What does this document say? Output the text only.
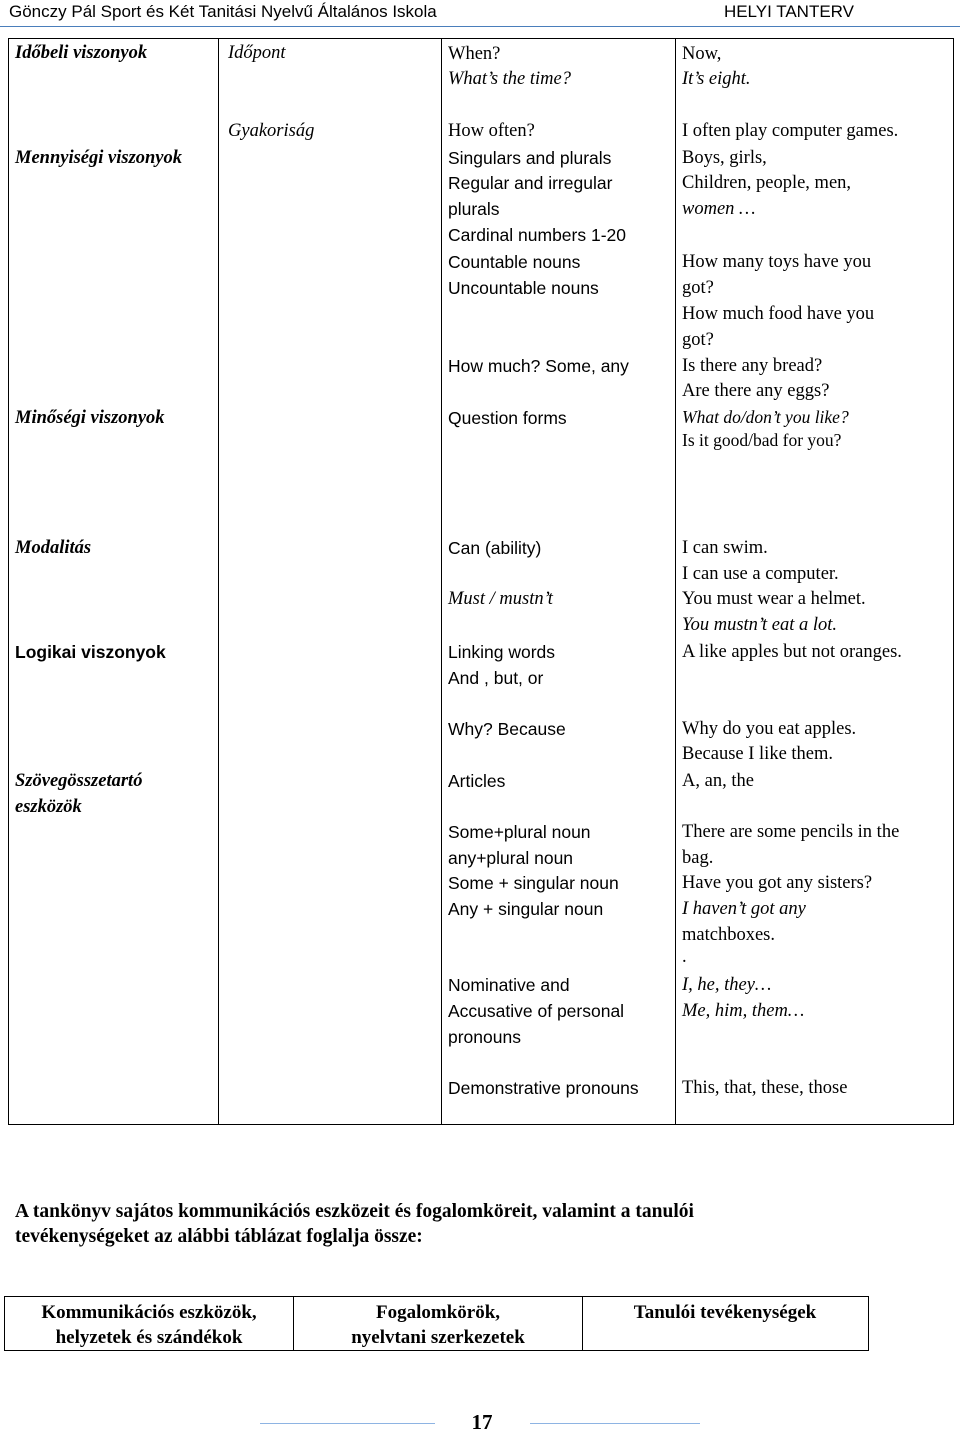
Gönczy Pál Sport és Két Tanitási Nyelvű Általános Iskola	HELYI TANTERV
Időbeli viszonyok
Mennyiségi viszonyok
Minőségi viszonyok
Modalitás
Logikai viszonyok
Szövegösszetartó
eszközök
Időpont
Gyakoriság
When?
What’s the time?
How often?
Singulars and plurals
Regular and irregular
plurals
Cardinal numbers 1-20
Countable nouns
Uncountable nouns
How much? Some, any
Question forms
Can (ability)
Must / mustn’t
Linking words
And , but, or
Why? Because
Articles
Some+plural noun
any+plural noun
Some + singular noun
Any + singular noun
Nominative and
Accusative of personal
pronouns
Demonstrative pronouns
Now,
It’s eight.
I often play computer games.
Boys, girls,
Children, people, men,
women …
How many toys have you
got?
How much food have you
got?
Is there any bread?
Are there any eggs?
What do/don’t you like?
Is it good/bad for you?
I can swim.
I can use a computer.
You must wear a helmet.
You mustn’t eat a lot.
A like apples but not oranges.
Why do you eat apples.
Because I like them.
A, an, the
There are some pencils in the
bag.
Have you got any sisters?
I haven’t got any
matchboxes.
.
I, he, they…
Me, him, them…
This, that, these, those
A tankönyv sajátos kommunikációs eszközeit és fogalomköreit, valamint a tanulói
tevékenységeket az alábbi táblázat foglalja össze:
Kommunikációs eszközök,
helyzetek és szándékok
Fogalomkörök,
nyelvtani szerkezetek
Tanulói tevékenységek
17
